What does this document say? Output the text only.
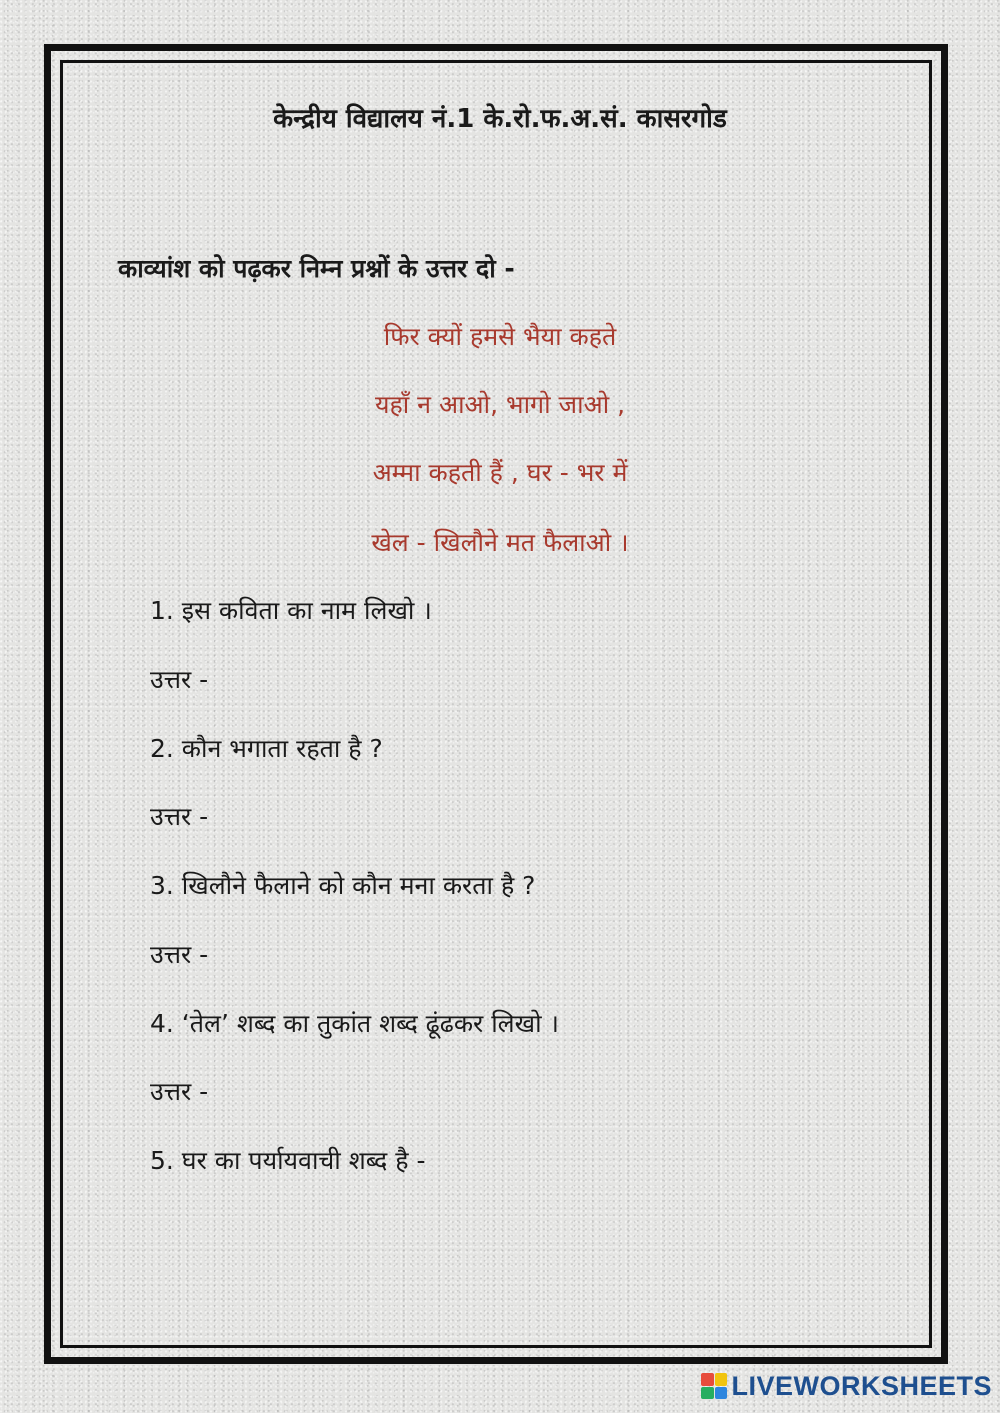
केन्द्रीय विद्यालय नं.1 के.रो.फ.अ.सं. कासरगोड
काव्यांश को पढ़कर निम्न प्रश्नों के उत्तर दो -
फिर क्यों हमसे भैया कहते
यहाँ न आओ, भागो जाओ ,
अम्मा कहती हैं , घर - भर में
खेल - खिलौने मत फैलाओ ।
1. इस कविता का नाम लिखो ।
उत्तर -
2. कौन भगाता रहता है ?
उत्तर -
3. खिलौने फैलाने को कौन मना करता है ?
उत्तर -
4. ‘तेल’ शब्द का तुकांत शब्द ढूंढकर लिखो ।
उत्तर -
5. घर का पर्यायवाची शब्द है -
LIVEWORKSHEETS
